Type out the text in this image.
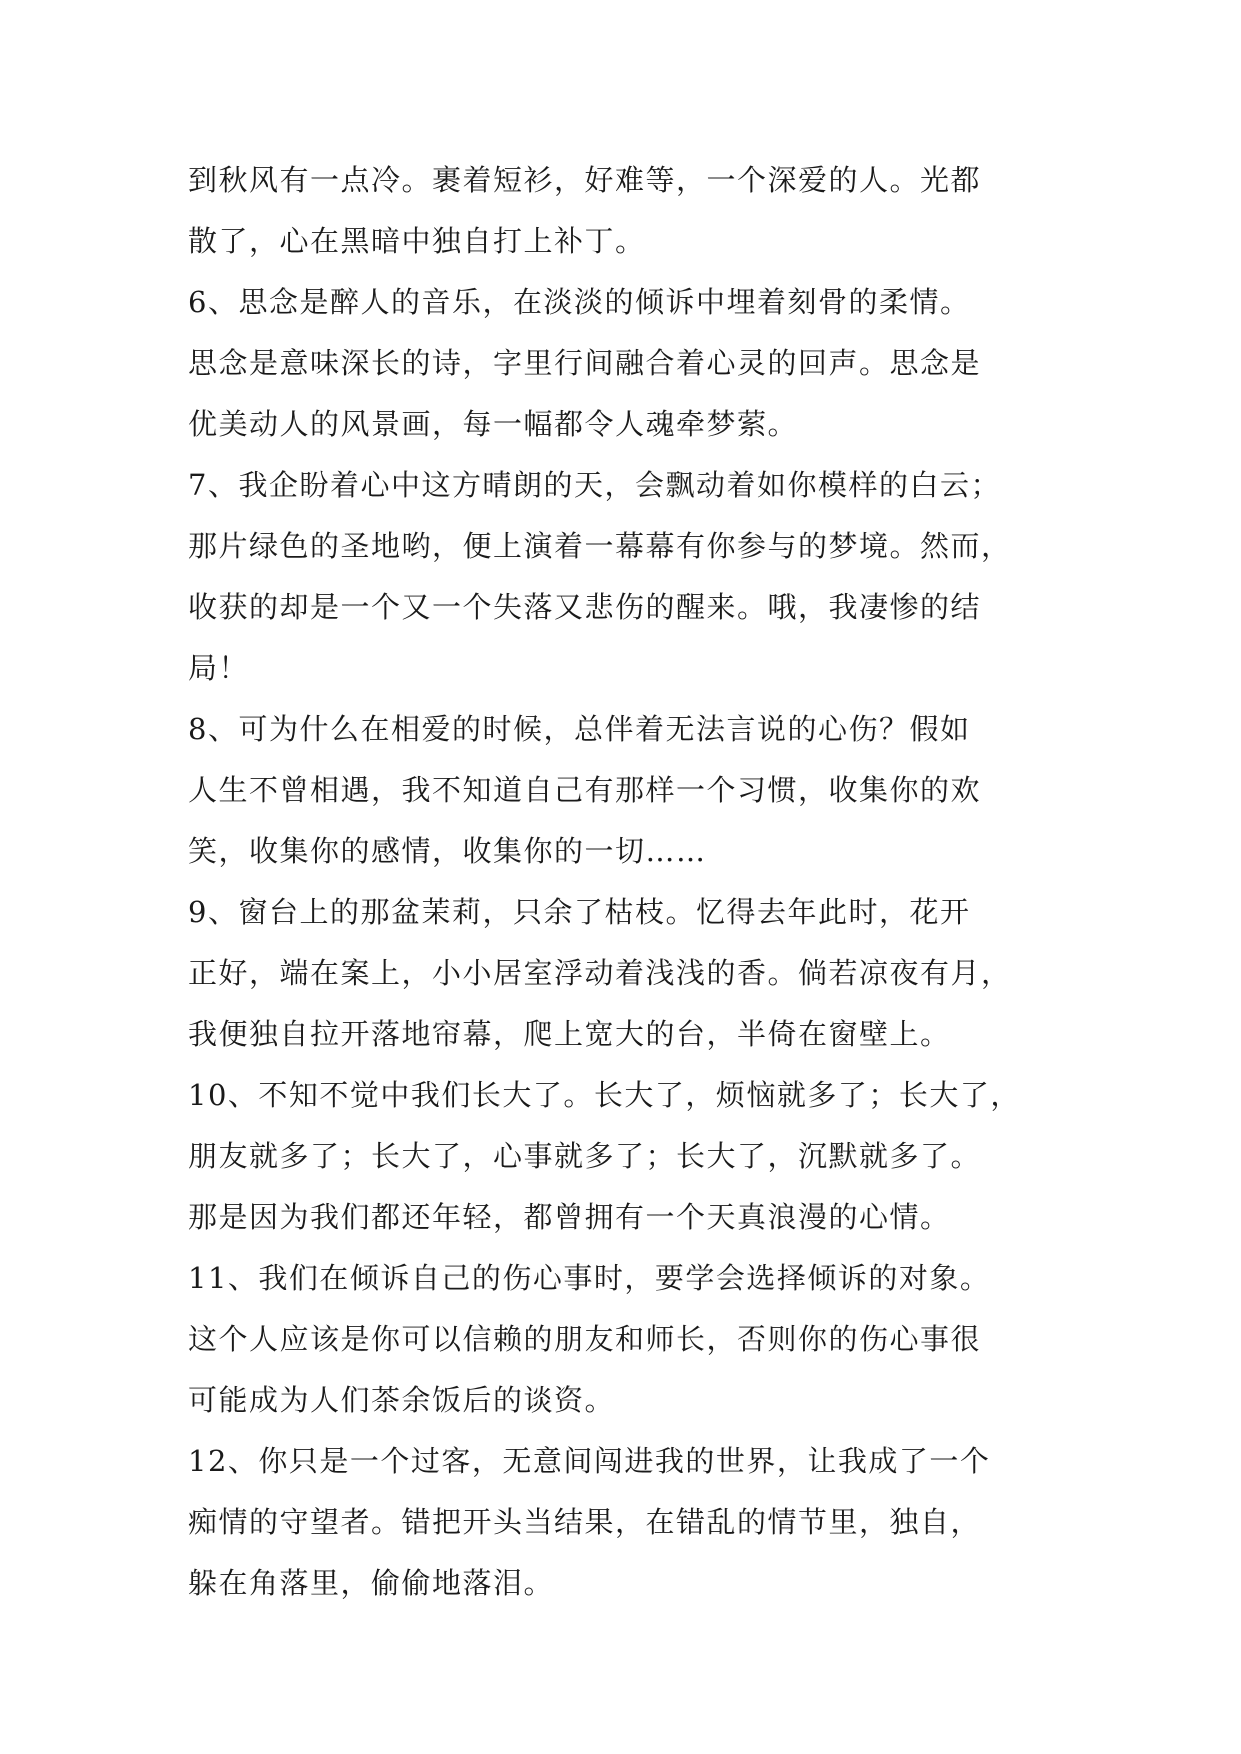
到秋风有一点冷。裹着短衫，好难等，一个深爱的人。光都
散了，心在黑暗中独自打上补丁。
6、思念是醉人的音乐，在淡淡的倾诉中埋着刻骨的柔情。
思念是意味深长的诗，字里行间融合着心灵的回声。思念是
优美动人的风景画，每一幅都令人魂牵梦萦。
7、我企盼着心中这方晴朗的天，会飘动着如你模样的白云；
那片绿色的圣地哟，便上演着一幕幕有你参与的梦境。然而，
收获的却是一个又一个失落又悲伤的醒来。哦，我凄惨的结
局！
8、可为什么在相爱的时候，总伴着无法言说的心伤？假如
人生不曾相遇，我不知道自己有那样一个习惯，收集你的欢
笑，收集你的感情，收集你的一切……
9、窗台上的那盆茉莉，只余了枯枝。忆得去年此时，花开
正好，端在案上，小小居室浮动着浅浅的香。倘若凉夜有月，
我便独自拉开落地帘幕，爬上宽大的台，半倚在窗壁上。
10、不知不觉中我们长大了。长大了，烦恼就多了；长大了，
朋友就多了；长大了，心事就多了；长大了，沉默就多了。
那是因为我们都还年轻，都曾拥有一个天真浪漫的心情。
11、我们在倾诉自己的伤心事时，要学会选择倾诉的对象。
这个人应该是你可以信赖的朋友和师长，否则你的伤心事很
可能成为人们茶余饭后的谈资。
12、你只是一个过客，无意间闯进我的世界，让我成了一个
痴情的守望者。错把开头当结果，在错乱的情节里，独自，
躲在角落里，偷偷地落泪。
